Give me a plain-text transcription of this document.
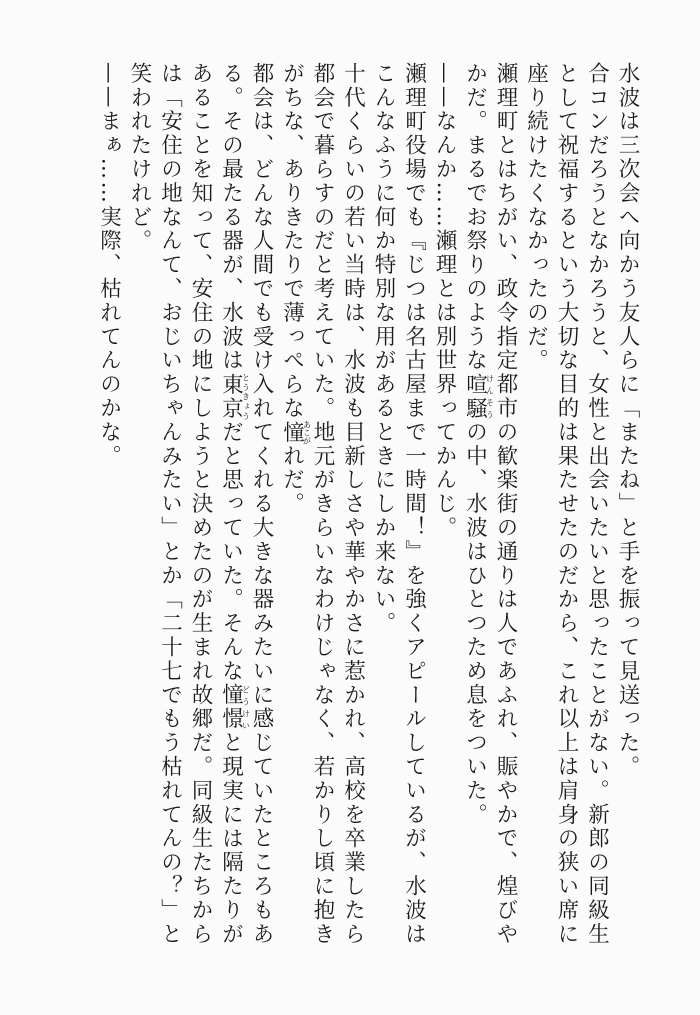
水波は三次会へ向かう友人らに「またね」と手を振って見送った。

合コンだろうとなかろうと、女性と出会いたいと思ったことがない。新郎の同級生として祝福するという大切な目的は果たせたのだから、これ以上は肩身の狭い席に座り続けたくなかったのだ。

瀬理町とはちがい、政令指定都市の歓楽街の通りは人であふれ、賑やかで、煌びやかだ。まるでお祭りのような喧騒けんそうの中、水波はひとつため息をついた。

——なんか……瀬理とは別世界ってかんじ。

瀬理町役場でも『じつは名古屋まで一時間！』を強くアピールしているが、水波はこんなふうに何か特別な用があるときにしか来ない。

十代くらいの若い当時は、水波も目新しさや華やかさに惹かれ、高校を卒業したら都会で暮らすのだと考えていた。地元がきらいなわけじゃなく、若かりし頃に抱きがちな、ありきたりで薄っぺらな憧あこがれだ。

都会は、どんな人間でも受け入れてくれる大きな器みたいに感じていたところもある。その最たる器が、水波は東京とうきょうだと思っていた。そんな憧憬どうけいと現実には隔たりがあることを知って、安住の地にしようと決めたのが生まれ故郷だ。同級生たちからは「安住の地なんて、おじいちゃんみたい」とか「二十七でもう枯れてんの？」と笑われたけれど。

——まぁ……実際、枯れてんのかな。
